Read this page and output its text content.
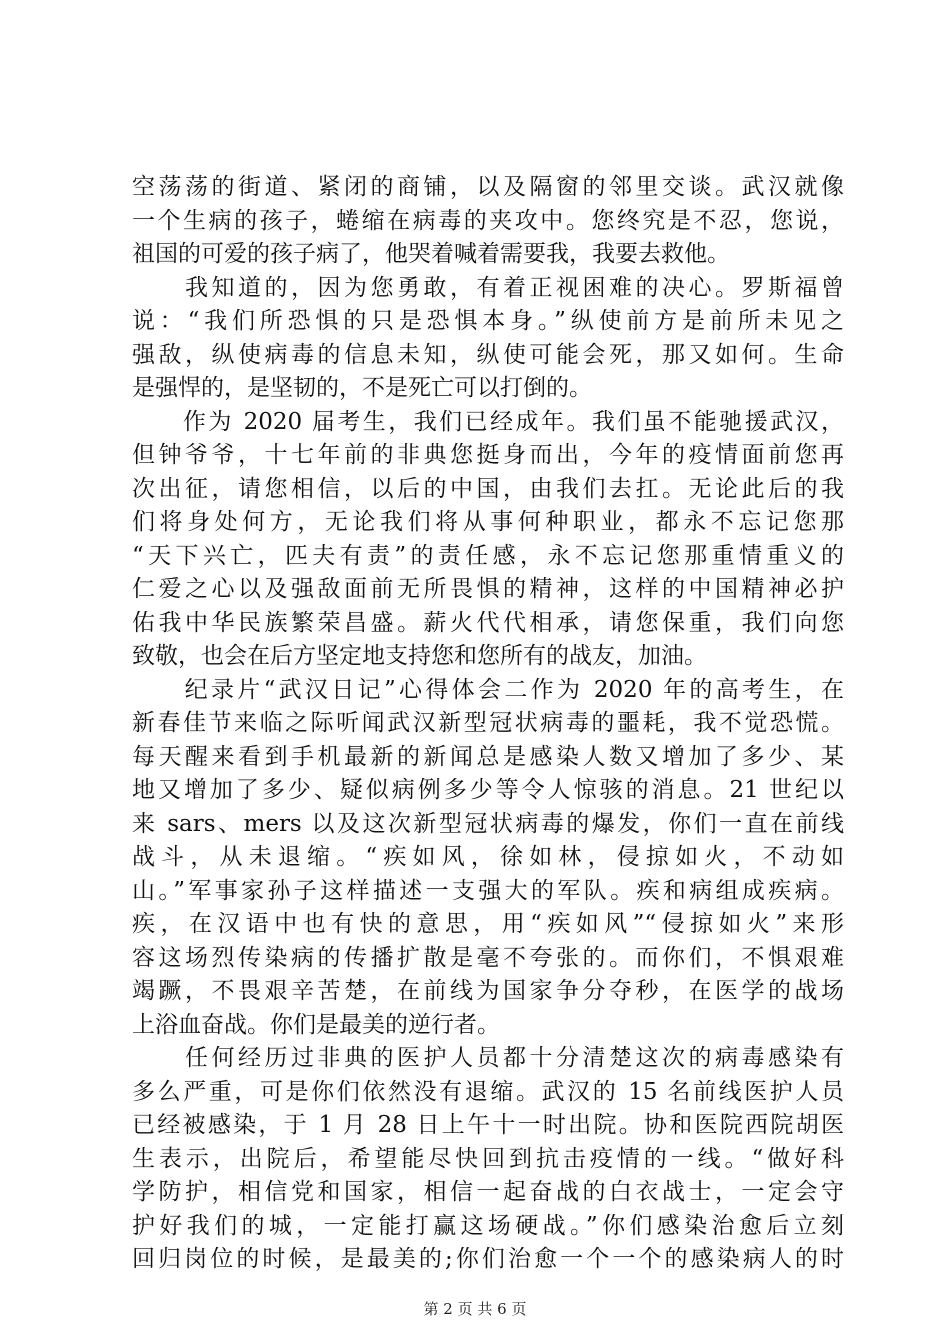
空荡荡的街道、紧闭的商铺，以及隔窗的邻里交谈。武汉就像
一个生病的孩子，蜷缩在病毒的夹攻中。您终究是不忍，您说，
祖国的可爱的孩子病了，他哭着喊着需要我，我要去救他。
　　我知道的，因为您勇敢，有着正视困难的决心。罗斯福曾
说：“我们所恐惧的只是恐惧本身。”纵使前方是前所未见之
强敌，纵使病毒的信息未知，纵使可能会死，那又如何。生命
是强悍的，是坚韧的，不是死亡可以打倒的。
　　作为 2020 届考生，我们已经成年。我们虽不能驰援武汉，
但钟爷爷，十七年前的非典您挺身而出，今年的疫情面前您再
次出征，请您相信，以后的中国，由我们去扛。无论此后的我
们将身处何方，无论我们将从事何种职业，都永不忘记您那
“天下兴亡，匹夫有责”的责任感，永不忘记您那重情重义的
仁爱之心以及强敌面前无所畏惧的精神，这样的中国精神必护
佑我中华民族繁荣昌盛。薪火代代相承，请您保重，我们向您
致敬，也会在后方坚定地支持您和您所有的战友，加油。
　　纪录片“武汉日记”心得体会二作为 2020 年的高考生，在
新春佳节来临之际听闻武汉新型冠状病毒的噩耗，我不觉恐慌。
每天醒来看到手机最新的新闻总是感染人数又增加了多少、某
地又增加了多少、疑似病例多少等令人惊骇的消息。21 世纪以
来 sars、mers 以及这次新型冠状病毒的爆发，你们一直在前线
战斗，从未退缩。“疾如风，徐如林，侵掠如火，不动如
山。”军事家孙子这样描述一支强大的军队。疾和病组成疾病。
疾，在汉语中也有快的意思，用“疾如风”“侵掠如火”来形
容这场烈传染病的传播扩散是毫不夸张的。而你们，不惧艰难
竭蹶，不畏艰辛苦楚，在前线为国家争分夺秒，在医学的战场
上浴血奋战。你们是最美的逆行者。
　　任何经历过非典的医护人员都十分清楚这次的病毒感染有
多么严重，可是你们依然没有退缩。武汉的 15 名前线医护人员
已经被感染，于 1 月 28 日上午十一时出院。协和医院西院胡医
生表示，出院后，希望能尽快回到抗击疫情的一线。“做好科
学防护，相信党和国家，相信一起奋战的白衣战士，一定会守
护好我们的城，一定能打赢这场硬战。”你们感染治愈后立刻
回归岗位的时候，是最美的;你们治愈一个一个的感染病人的时
第 2 页 共 6 页
